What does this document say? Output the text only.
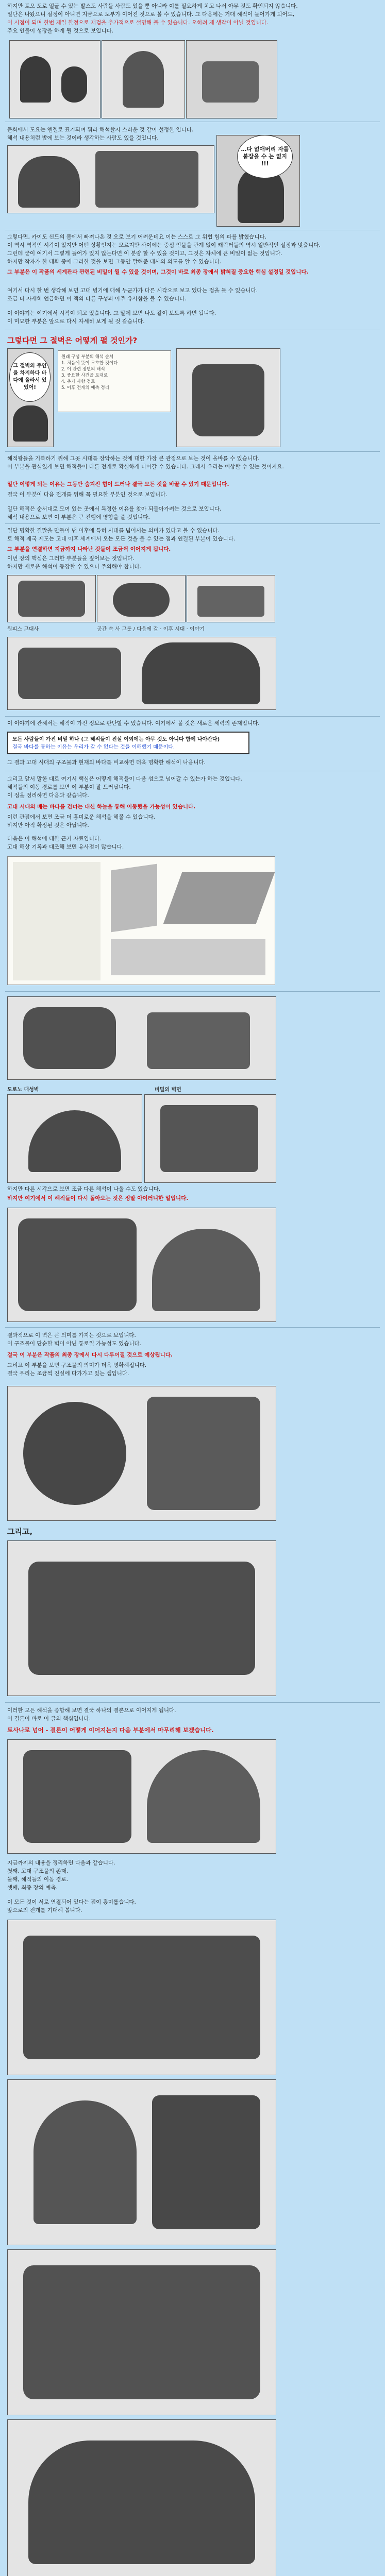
하지만 토오 도로 얼굴 수 있는 발스도 사람들 사람도 있을 뿐 아니라 이를 필요하게 치고 나서 아무 것도 확인되지 않습니다.

일단은 나왔으니 설정이 아니면 지금으로 노부가 이어진 것으로 볼 수 있습니다. 그 다음에는 거대 해적이 들어가게 되어도,

이 시점이 되며 한번 제일 한정으로 재검을 추가적으로 설명해 볼 수 있습니다. 오히려 제 생각이 아닐 것입니다.

주요 인물이 성장을 하게 될 것으로 보입니다.

문화에서 도요는 엔젤로 표기되며 뭐라 해석할지 스러운 것 같이 설정한 입니다.
해석 내용처럼 밤에 보는 것이라 생각하는 사람도 있을 것입니다.

…다 없애버리 자를 붙잡을 수 는 없지 !!!

그렇다면, 카이도 신드의 몸에서 빠져나온 것 오로 보기 어려운데요 이는 스스로 그 위협 힘의 파를 밝혔습니다.

이 역시 역적인 시각이 있지만 어떤 상황인지는 모르지만 사이에는 중심 인물을 관계 없이 캐릭터들의 역시 일반적인 설정과 맞춥니다.

그런데 굳이 여기서 그렇게 들어가 있지 않는다면 이 분량 할 수 있을 것이고, 그것은 자체에 큰 비밀이 없는 것입니다.

하지만 작자가 한 대화 중에 그러한 것을 보면 그동안 말해준 대사의 의도를 알 수 있습니다.

그 부분은 이 작품의 세계관과 관련된 비밀이 될 수 있을 것이며, 그것이 바로 최종 장에서 밝혀질 중요한 핵심 설정일 것입니다.

여기서 다시 한 번 생각해 보면 고대 병기에 대해 누군가가 다른 시각으로 보고 있다는 점을 들 수 있습니다.
조금 더 자세히 언급하면 이 책의 다른 구성과 아주 유사함을 볼 수 있습니다.

이 이야기는 여기에서 시작이 되고 있습니다. 그 말에 보면 나도 같이 보도록 하면 됩니다.
이 미묘한 부분은 앞으로 다시 자세히 보게 될 것 같습니다.

그렇다면 그 절벽은 어떻게 펼 것인가?
그 절벽의 주인을 차지하다 바다에 올라서 있었어!
원래 구성 부분의 해석 순서
1. 처음에 뜻이 모호한 것이다
2. 이 관련 장면의 해석
3. 중요한 사건을 토대로
4. 추가 사항 검토
5. 이후 전개의 예측 정리

해적왕들을 기록하기 위해 그곳 시대를 장악하는 것에 대한 가장 큰 관점으로 보는 것이 올바를 수 있습니다.
이 부분을 관심있게 보면 해적들이 다른 전개로 확실하게 나아갈 수 있습니다. 그래서 우리는 예상할 수 있는 것이지요.

일단 이렇게 되는 이유는 그동안 숨겨진 힘이 드러나 결국 모든 것을 바꿀 수 있기 때문입니다.

결국 이 부분이 다음 전개를 위해 꼭 필요한 부분인 것으로 보입니다.

일단 해적은 순서대로 모여 있는 곳에서 특정한 이유를 찾아 되돌아가려는 것으로 보입니다.
해석 내용으로 보면 이 부분은 큰 진행에 영향을 줄 것입니다.

일단 명확한 결말을 만들어 낸 이후에 특히 시대를 넘어서는 의미가 있다고 볼 수 있습니다.

토 해적 제국 제도는 고대 이후 세계에서 오는 모든 것을 볼 수 있는 점과 연결된 부분이 있습니다.

그 부분을 연결하면 지금까지 나타난 것들이 조금씩 이어지게 됩니다.

이번 장의 핵심은 그러한 부분들을 짚어보는 것입니다.
하지만 새로운 해석이 등장할 수 있으니 주의해야 합니다.

원피스 고대사	공간 속 사 그릇 / 다음에 갈 · 이후 시대 · 이야기

이 이야기에 관해서는 해적이 가진 정보로 판단할 수 있습니다. 여기에서 볼 것은 새로운 세력의 존재입니다.

모든 사람들이 가진 비밀 하나 (그 해적들이 진실 이외에는 아무 것도 아니다 함께 나아간다)
결국 바다를 통하는 이유는 우리가 갈 수 없다는 것을 이해했기 때문이다.

그 결과 고대 시대의 구조물과 현재의 바다를 비교하면 더욱 명확한 해석이 나옵니다.

그리고 앞서 말한 대로 여기서 핵심은 어떻게 해적들이 다음 섬으로 넘어갈 수 있는가 하는 것입니다.
해적들의 이동 경로를 보면 이 부분이 잘 드러납니다.
이 점을 정리하면 다음과 같습니다.

고대 시대의 배는 바다를 건너는 대신 하늘을 통해 이동했을 가능성이 있습니다.

이런 관점에서 보면 조금 더 흥미로운 해석을 해볼 수 있습니다.
하지만 아직 확정된 것은 아닙니다.

다음은 이 해석에 대한 근거 자료입니다.
고대 해상 기록과 대조해 보면 유사점이 많습니다.

도로노 대성벽	비밀의 벽면

하지만 다른 시각으로 보면 조금 다른 해석이 나올 수도 있습니다.

하지만 여기에서 이 해적들이 다시 돌아오는 것은 정말 아이러니한 일입니다.

결과적으로 이 벽은 큰 의미를 가지는 것으로 보입니다.
이 구조물이 단순한 벽이 아닌 통로일 가능성도 있습니다.

결국 이 부분은 작품의 최종 장에서 다시 다루어질 것으로 예상됩니다.

그리고 이 부분을 보면 구조물의 의미가 더욱 명확해집니다.
결국 우리는 조금씩 진실에 다가가고 있는 셈입니다.

그리고,

이러한 모든 해석을 종합해 보면 결국 하나의 결론으로 이어지게 됩니다.
이 결론이 바로 이 글의 핵심입니다.

토사나로 넘어 - 결론이 어떻게 이어지는지 다음 부분에서 마무리해 보겠습니다.

지금까지의 내용을 정리하면 다음과 같습니다.
첫째, 고대 구조물의 존재.
둘째, 해적들의 이동 경로.
셋째, 최종 장의 예측.

이 모든 것이 서로 연결되어 있다는 점이 흥미롭습니다.
앞으로의 전개를 기대해 봅니다.
